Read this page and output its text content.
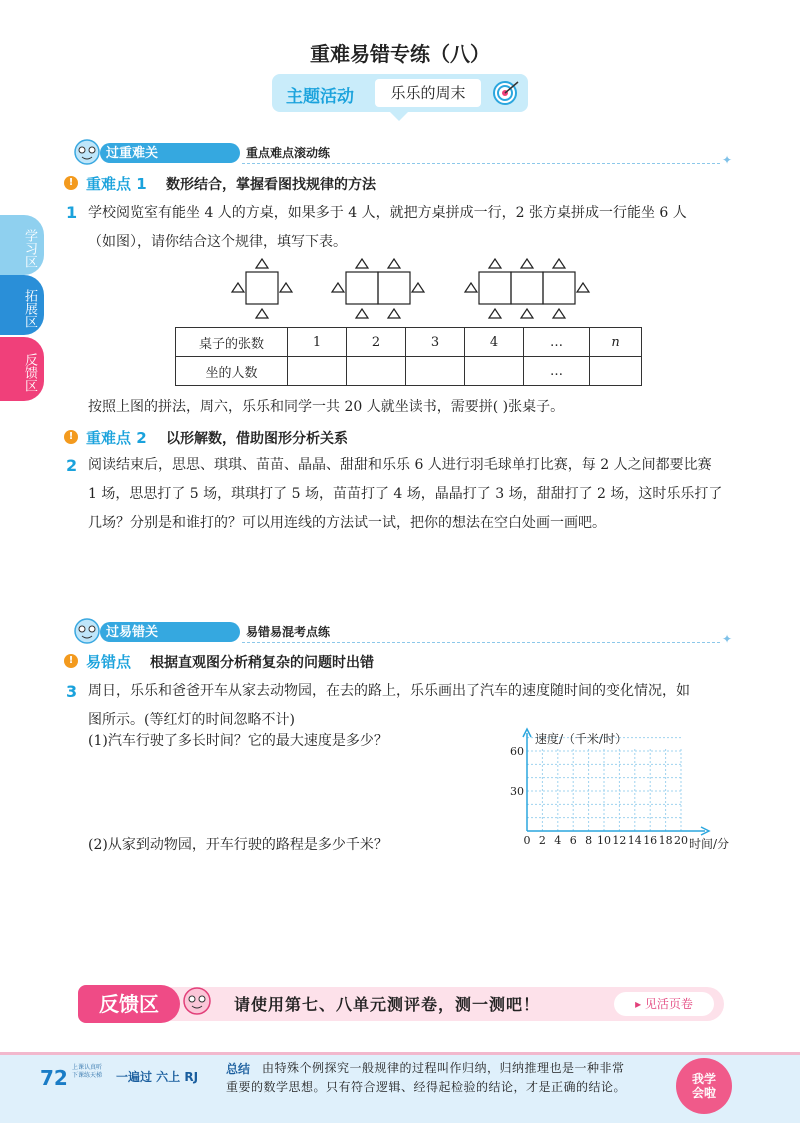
重难易错专练（八）
主题活动	乐乐的周末
学习区
拓展区
反馈区
过重难关	重点难点滚动练	✦
! 重难点 1 数形结合，掌握看图找规律的方法
1 学校阅览室有能坐 4 人的方桌，如果多于 4 人，就把方桌拼成一行，2 张方桌拼成一行能坐 6 人
（如图），请你结合这个规律，填写下表。
桌子的张数	1	2	3	4	…	n
坐的人数					…	
按照上图的拼法，周六，乐乐和同学一共 20 人就坐读书，需要拼( )张桌子。
! 重难点 2 以形解数，借助图形分析关系
2 阅读结束后，思思、琪琪、苗苗、晶晶、甜甜和乐乐 6 人进行羽毛球单打比赛，每 2 人之间都要比赛
1 场，思思打了 5 场，琪琪打了 5 场，苗苗打了 4 场，晶晶打了 3 场，甜甜打了 2 场，这时乐乐打了
几场？分别是和谁打的？可以用连线的方法试一试，把你的想法在空白处画一画吧。
过易错关	易错易混考点练	✦
! 易错点 根据直观图分析稍复杂的问题时出错
3 周日，乐乐和爸爸开车从家去动物园，在去的路上，乐乐画出了汽车的速度随时间的变化情况，如
图所示。(等红灯的时间忽略不计)
(1)汽车行驶了多长时间？它的最大速度是多少？
(2)从家到动物园，开车行驶的路程是多少千米？
速度/（千米/时）
时间/分
0 2 4 6 8 10 12 14 16 18 20
30
60
反馈区	请使用第七、八单元测评卷，测一测吧！	▸ 见活页卷
72 上课认真听
下课练天梯 一遍过 六上 RJ
总结 由特殊个例探究一般规律的过程叫作归纳，归纳推理也是一种非常
重要的数学思想。只有符合逻辑、经得起检验的结论，才是正确的结论。
我学
会啦
